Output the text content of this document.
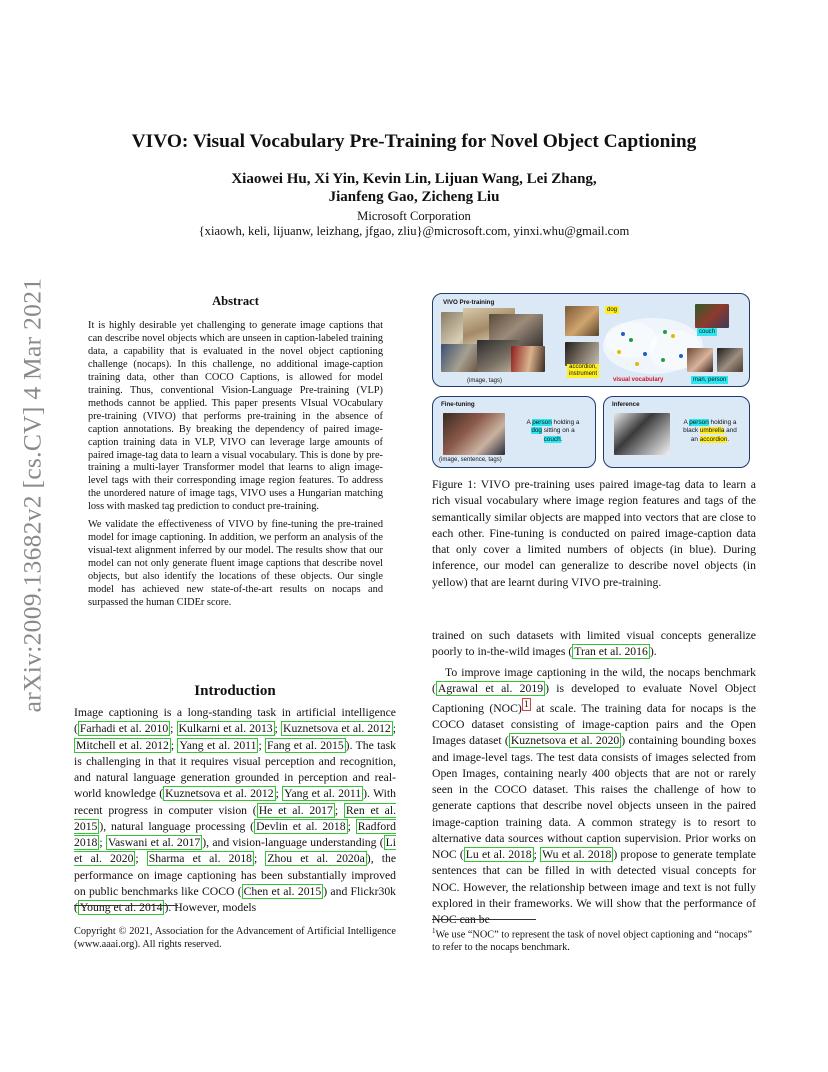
arXiv:2009.13682v2 [cs.CV] 4 Mar 2021
VIVO: Visual Vocabulary Pre-Training for Novel Object Captioning
Xiaowei Hu, Xi Yin, Kevin Lin, Lijuan Wang, Lei Zhang,
Jianfeng Gao, Zicheng Liu
Microsoft Corporation
{xiaowh, keli, lijuanw, leizhang, jfgao, zliu}@microsoft.com, yinxi.whu@gmail.com
Abstract

It is highly desirable yet challenging to generate image captions that can describe novel objects which are unseen in caption-labeled training data, a capability that is evaluated in the novel object captioning challenge (nocaps). In this challenge, no additional image-caption training data, other than COCO Captions, is allowed for model training. Thus, conventional Vision-Language Pre-training (VLP) methods cannot be applied. This paper presents VIsual VOcabulary pre-training (VIVO) that performs pre-training in the absence of caption annotations. By breaking the dependency of paired image-caption training data in VLP, VIVO can leverage large amounts of paired image-tag data to learn a visual vocabulary. This is done by pre-training a multi-layer Transformer model that learns to align image-level tags with their corresponding image region features. To address the unordered nature of image tags, VIVO uses a Hungarian matching loss with masked tag prediction to conduct pre-training.

We validate the effectiveness of VIVO by fine-tuning the pre-trained model for image captioning. In addition, we perform an analysis of the visual-text alignment inferred by our model. The results show that our model can not only generate fluent image captions that describe novel objects, but also identify the locations of these objects. Our single model has achieved new state-of-the-art results on nocaps and surpassed the human CIDEr score.

Introduction

Image captioning is a long-standing task in artificial intelligence ( Farhadi et al. 2010 ; Kulkarni et al. 2013 ; Kuznetsova et al. 2012 ; Mitchell et al. 2012 ; Yang et al. 2011 ; Fang et al. 2015 ). The task is challenging in that it requires visual perception and recognition, and natural language generation grounded in perception and real-world knowledge ( Kuznetsova et al. 2012 ; Yang et al. 2011 ). With recent progress in computer vision ( He et al. 2017 ; Ren et al. 2015 ), natural language processing ( Devlin et al. 2018 ; Radford 2018 ; Vaswani et al. 2017 ), and vision-language understanding ( Li et al. 2020 ; Sharma et al. 2018 ; Zhou et al. 2020a ), the performance on image captioning has been substantially improved on public benchmarks like COCO ( Chen et al. 2015 ) and Flickr30k ( Young et al. 2014 ). However, models

Copyright © 2021, Association for the Advancement of Artificial Intelligence (www.aaai.org). All rights reserved.
VIVO Pre-training
(image, tags)
dog
accordion,
instrument
visual vocabulary
couch
man, person
Fine-tuning
(image, sentence, tags)
A person holding a
dog sitting on a
couch.
Inference
A person holding a
black umbrella and
an accordion.
Figure 1: VIVO pre-training uses paired image-tag data to learn a rich visual vocabulary where image region features and tags of the semantically similar objects are mapped into vectors that are close to each other. Fine-tuning is conducted on paired image-caption data that only cover a limited numbers of objects (in blue). During inference, our model can generalize to describe novel objects (in yellow) that are learnt during VIVO pre-training.

trained on such datasets with limited visual concepts generalize poorly to in-the-wild images ( Tran et al. 2016 ).

To improve image captioning in the wild, the nocaps benchmark ( Agrawal et al. 2019 ) is developed to evaluate Novel Object Captioning (NOC) $^1$ at scale. The training data for nocaps is the COCO dataset consisting of image-caption pairs and the Open Images dataset ( Kuznetsova et al. 2020 ) containing bounding boxes and image-level tags. The test data consists of images selected from Open Images, containing nearly 400 objects that are not or rarely seen in the COCO dataset. This raises the challenge of how to generate captions that describe novel objects unseen in the paired image-caption training data. A common strategy is to resort to alternative data sources without caption supervision. Prior works on NOC ( Lu et al. 2018 ; Wu et al. 2018 ) propose to generate template sentences that can be filled in with detected visual concepts for NOC. However, the relationship between image and text is not fully explored in their frameworks. We will show that the performance of NOC can be

$^1$We use “NOC” to represent the task of novel object captioning and “nocaps” to refer to the nocaps benchmark.
